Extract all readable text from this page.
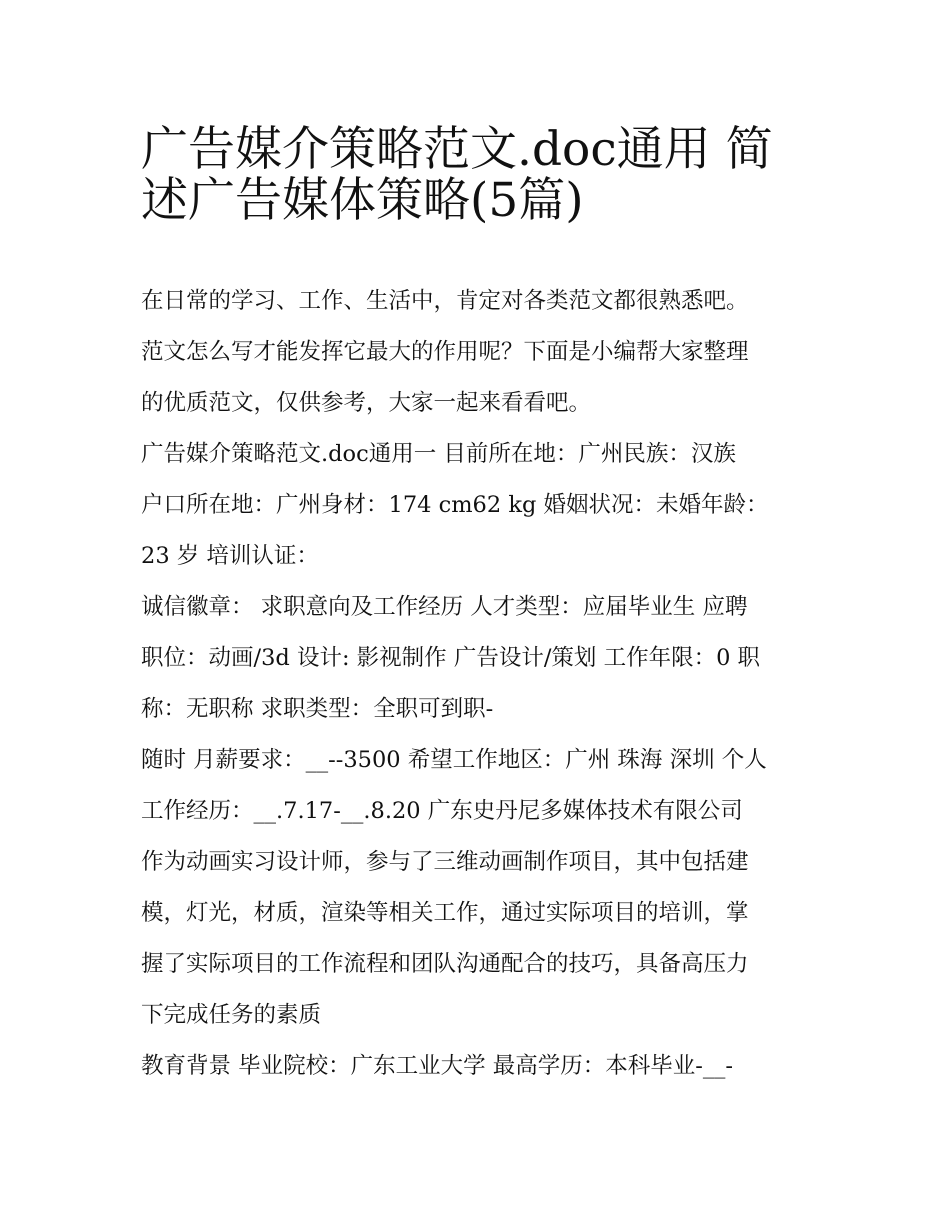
广告媒介策略范文.doc通用 简
述广告媒体策略(5篇)
在日常的学习、工作、生活中，肯定对各类范文都很熟悉吧。
范文怎么写才能发挥它最大的作用呢？下面是小编帮大家整理
的优质范文，仅供参考，大家一起来看看吧。
广告媒介策略范文.doc通用一 目前所在地：广州民族：汉族
户口所在地：广州身材：174 cm62 kg 婚姻状况：未婚年龄：
23 岁 培训认证：
诚信徽章： 求职意向及工作经历 人才类型：应届毕业生 应聘
职位：动画/3d 设计: 影视制作 广告设计/策划 工作年限：0 职
称：无职称 求职类型：全职可到职-
随时 月薪要求：__--3500 希望工作地区：广州 珠海 深圳 个人
工作经历：__.7.17-__.8.20 广东史丹尼多媒体技术有限公司
作为动画实习设计师，参与了三维动画制作项目，其中包括建
模，灯光，材质，渲染等相关工作，通过实际项目的培训，掌
握了实际项目的工作流程和团队沟通配合的技巧，具备高压力
下完成任务的素质
教育背景 毕业院校：广东工业大学 最高学历：本科毕业-__-
